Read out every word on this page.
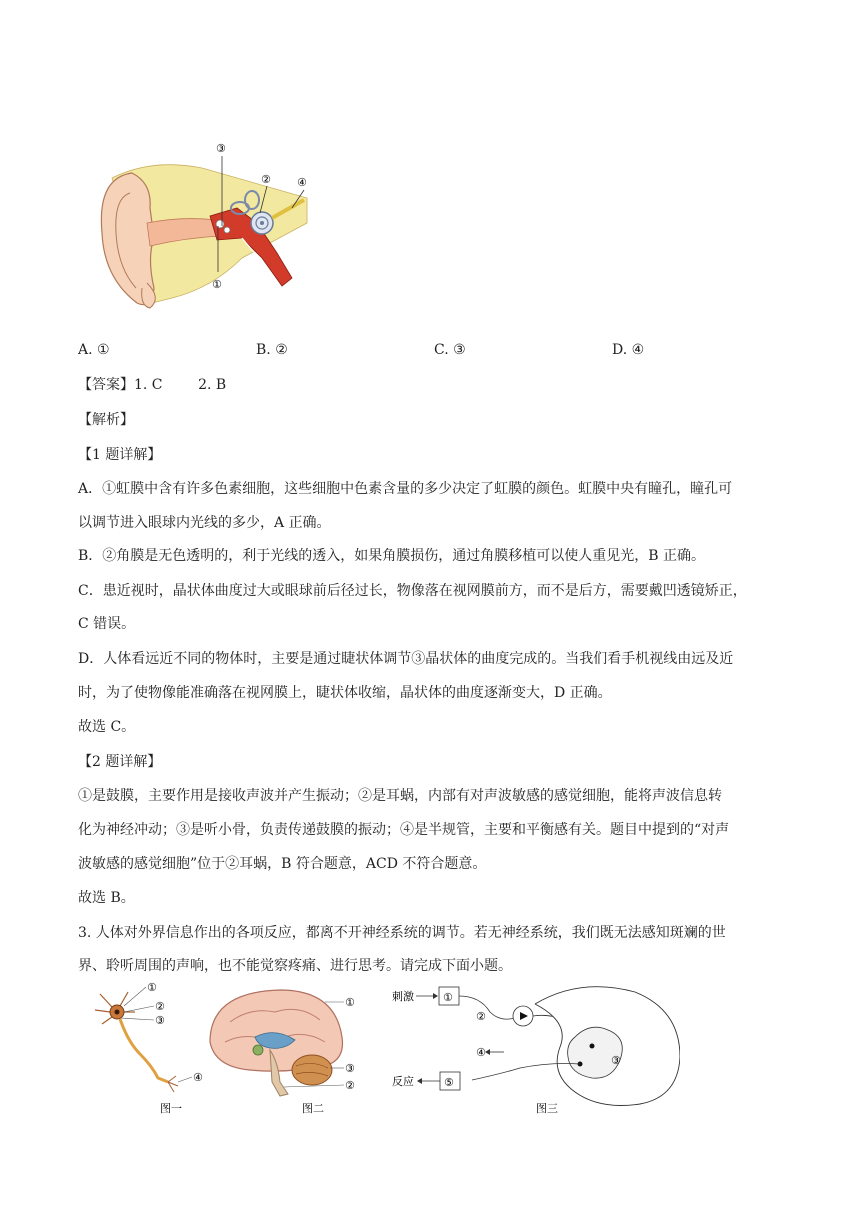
③
② ④
①
A. ①	B. ②	C. ③	D. ④
【答案】1. C        2. B
【解析】
【1 题详解】
A．①虹膜中含有许多色素细胞，这些细胞中色素含量的多少决定了虹膜的颜色。虹膜中央有瞳孔，瞳孔可
以调节进入眼球内光线的多少，A 正确。
B．②角膜是无色透明的，利于光线的透入，如果角膜损伤，通过角膜移植可以使人重见光，B 正确。
C．患近视时，晶状体曲度过大或眼球前后径过长，物像落在视网膜前方，而不是后方，需要戴凹透镜矫正，
C 错误。
D．人体看远近不同的物体时，主要是通过睫状体调节③晶状体的曲度完成的。当我们看手机视线由远及近
时，为了使物像能准确落在视网膜上，睫状体收缩，晶状体的曲度逐渐变大，D 正确。
故选 C。
【2 题详解】
①是鼓膜，主要作用是接收声波并产生振动；②是耳蜗，内部有对声波敏感的感觉细胞，能将声波信息转
化为神经冲动；③是听小骨，负责传递鼓膜的振动；④是半规管，主要和平衡感有关。题目中提到的“对声
波敏感的感觉细胞”位于②耳蜗，B 符合题意，ACD 不符合题意。
故选 B。
3. 人体对外界信息作出的各项反应，都离不开神经系统的调节。若无神经系统，我们既无法感知斑斓的世
界、聆听周围的声响，也不能觉察疼痛、进行思考。请完成下面小题。
①
②
③
④
图一
①
③
②
图二
刺激	①
②
③
④
⑤
反应
图三
